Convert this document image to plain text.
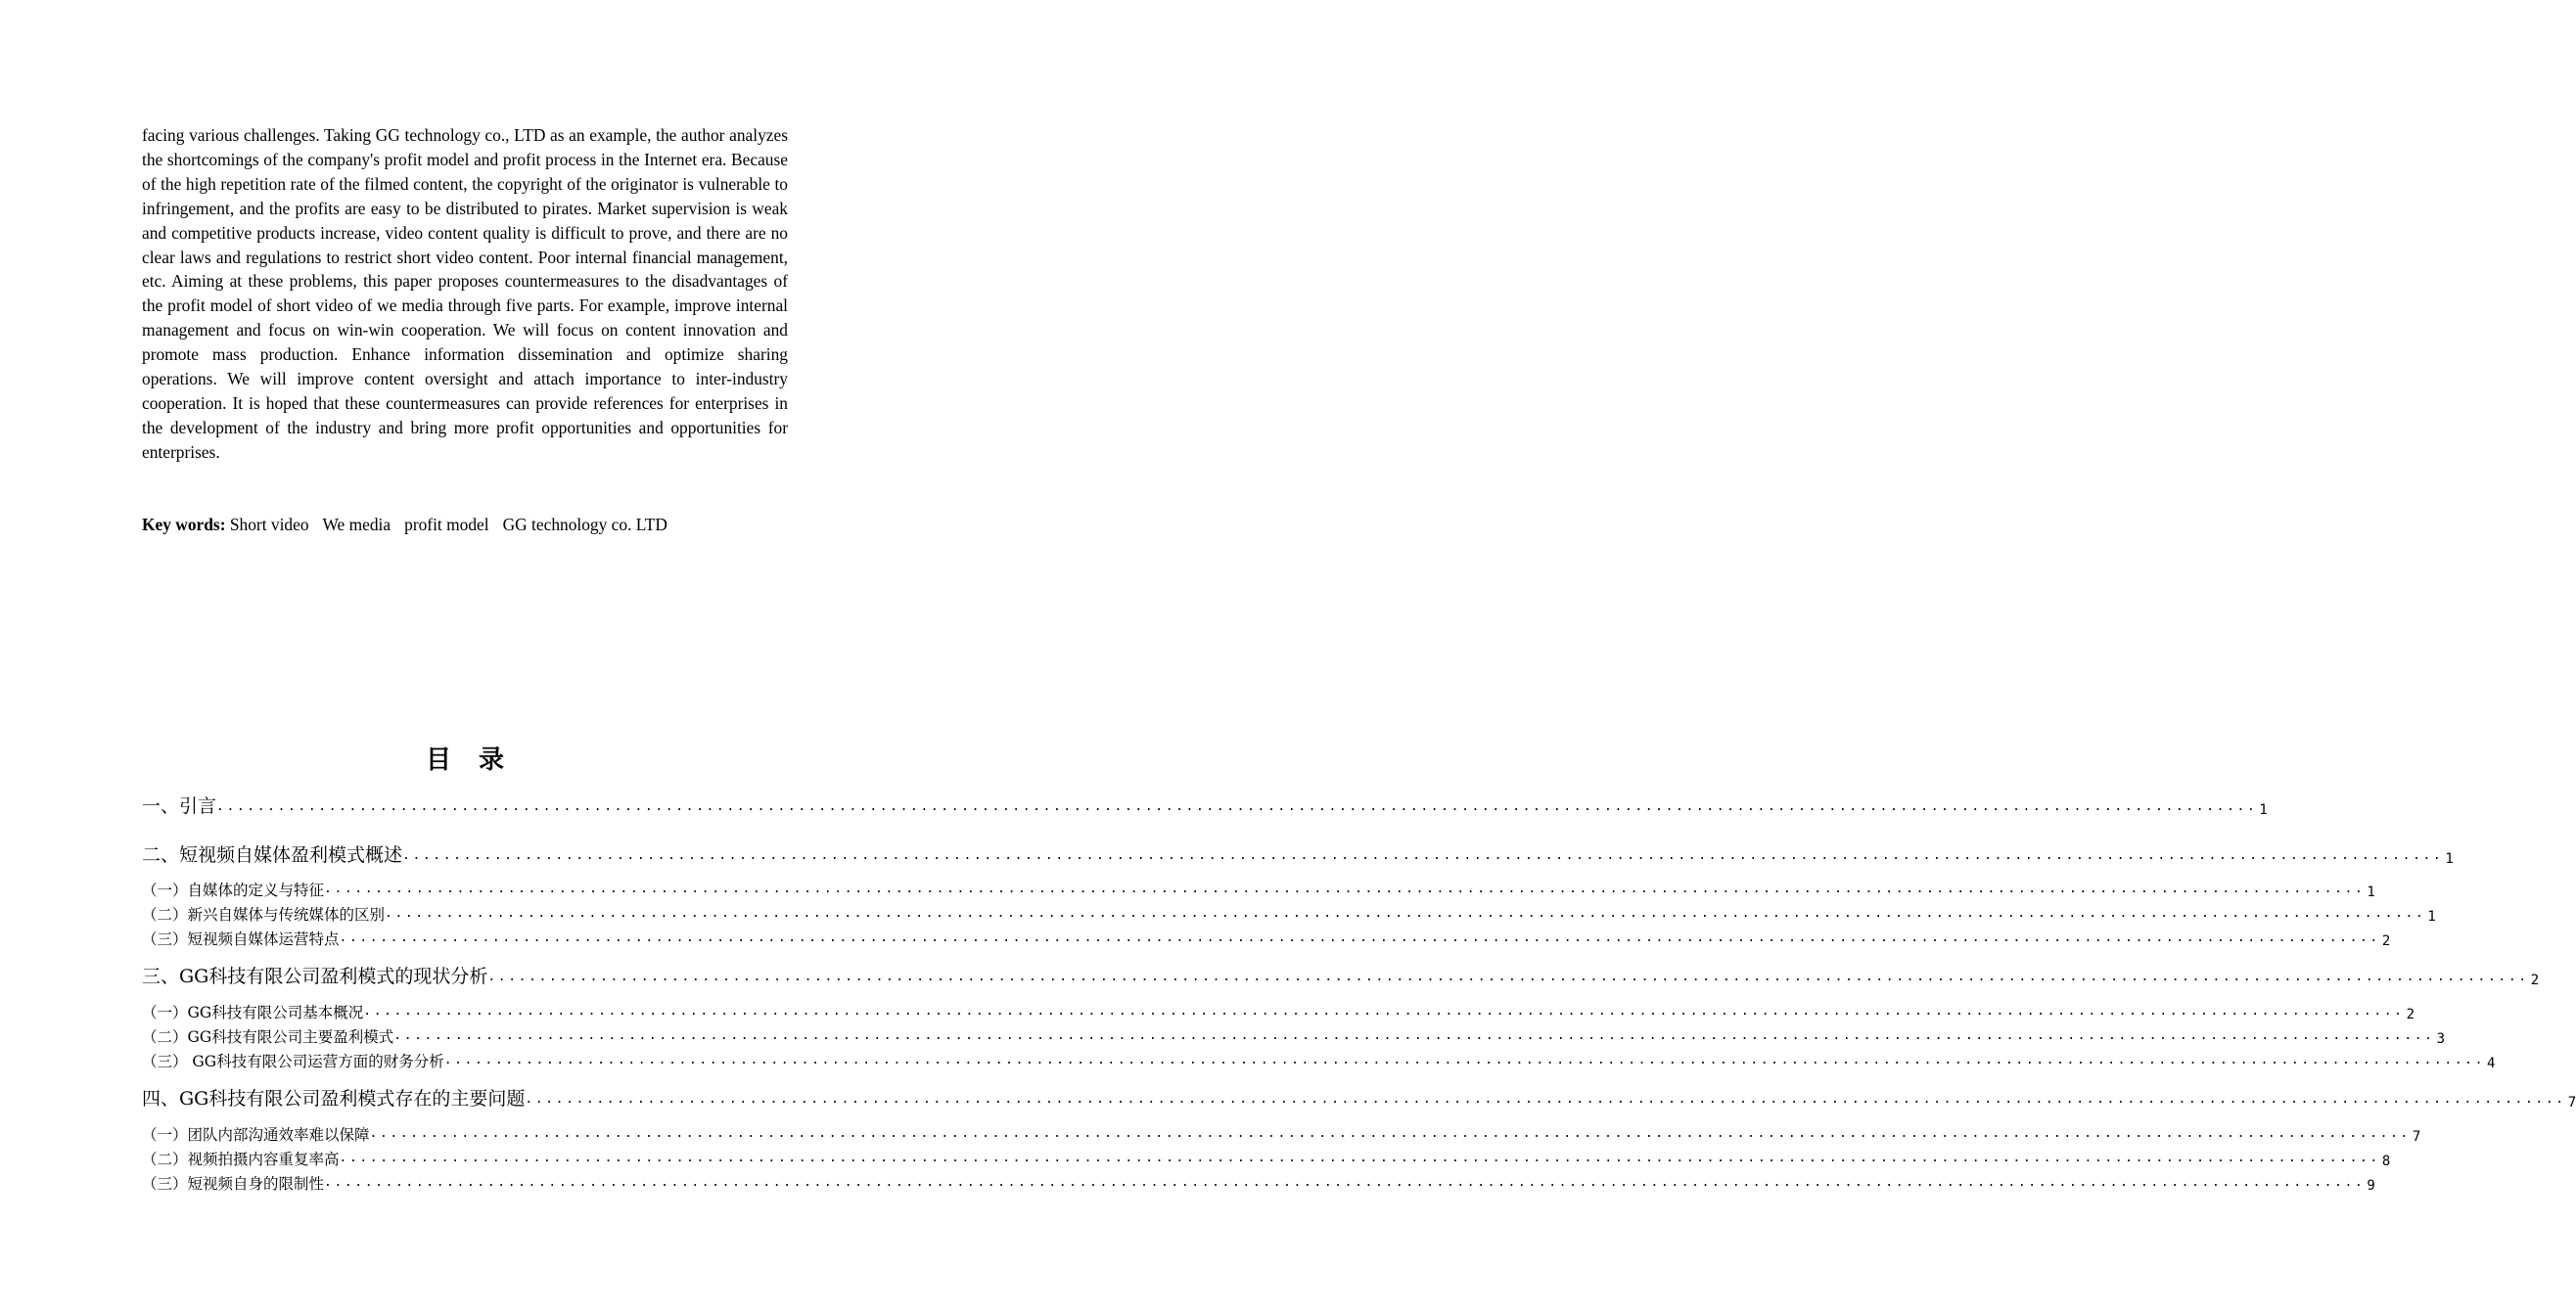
facing various challenges. Taking GG technology co., LTD as an example, the author analyzes the shortcomings of the company's profit model and profit process in the Internet era. Because of the high repetition rate of the filmed content, the copyright of the originator is vulnerable to infringement, and the profits are easy to be distributed to pirates. Market supervision is weak and competitive products increase, video content quality is difficult to prove, and there are no clear laws and regulations to restrict short video content. Poor internal financial management, etc. Aiming at these problems, this paper proposes countermeasures to the disadvantages of the profit model of short video of we media through five parts. For example, improve internal management and focus on win-win cooperation. We will focus on content innovation and promote mass production. Enhance information dissemination and optimize sharing operations. We will improve content oversight and attach importance to inter-industry cooperation. It is hoped that these countermeasures can provide references for enterprises in the development of the industry and bring more profit opportunities and opportunities for enterprises.

Key words: Short video We media profit model GG technology co. LTD

目录
一、引言 ........................................................................................................................................................................................................ 1
二、短视频自媒体盈利模式概述 ........................................................................................................................................................................................................ 1
（一）自媒体的定义与特征 ........................................................................................................................................................................................................ 1
（二）新兴自媒体与传统媒体的区别 ........................................................................................................................................................................................................ 1
（三）短视频自媒体运营特点 ........................................................................................................................................................................................................ 2
三、GG科技有限公司盈利模式的现状分析 ........................................................................................................................................................................................................ 2
（一）GG科技有限公司基本概况 ........................................................................................................................................................................................................ 2
（二）GG科技有限公司主要盈利模式 ........................................................................................................................................................................................................ 3
（三） GG科技有限公司运营方面的财务分析 ........................................................................................................................................................................................................ 4
四、GG科技有限公司盈利模式存在的主要问题 ........................................................................................................................................................................................................ 7
（一）团队内部沟通效率难以保障 ........................................................................................................................................................................................................ 7
（二）视频拍摄内容重复率高 ........................................................................................................................................................................................................ 8
（三）短视频自身的限制性 ........................................................................................................................................................................................................ 9
